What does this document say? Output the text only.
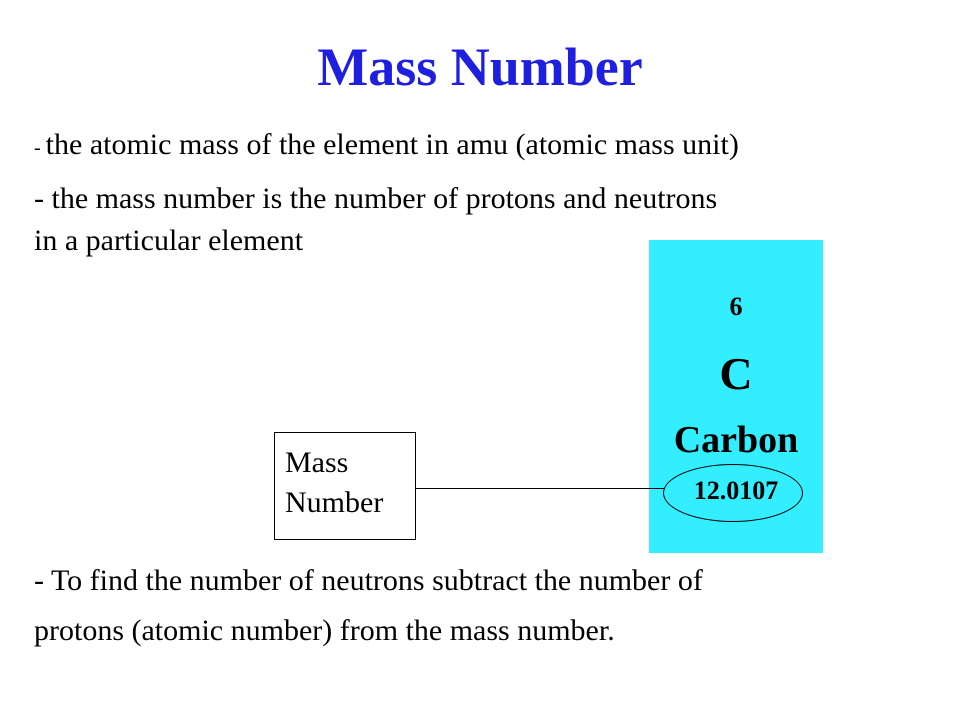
Mass Number
- the atomic mass of the element in amu (atomic mass unit)
- the mass number is the number of protons and neutrons
in a particular element
6
C
Carbon
12.0107
Mass
Number
- To find the number of neutrons subtract the number of
protons (atomic number) from the mass number.
